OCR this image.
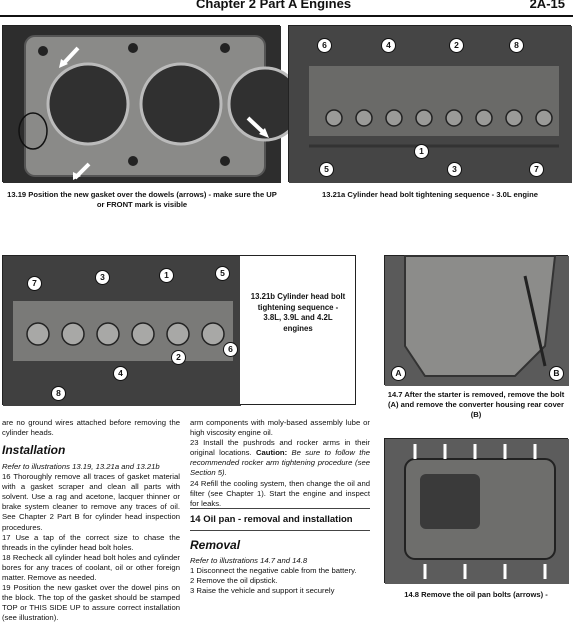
Chapter 2 Part A Engines	2A-15
13.19 Position the new gasket over the dowels (arrows) - make sure the UP or FRONT mark is visible
6	4	2	8
1
5	3	7
13.21a Cylinder head bolt tightening sequence - 3.0L engine
7
3	1	5
4
2
6
8
13.21b Cylinder head bolt tightening sequence - 3.8L, 3.9L and 4.2L engines
A	B
14.7 After the starter is removed, remove the bolt (A) and remove the converter housing rear cover (B)
14.8 Remove the oil pan bolts (arrows) -

are no ground wires attached before removing the cylinder heads.

Installation

Refer to illustrations 13.19, 13.21a and 13.21b

16 Thoroughly remove all traces of gasket material with a gasket scraper and clean all parts with solvent. Use a rag and acetone, lacquer thinner or brake system cleaner to remove any traces of oil. See Chapter 2 Part B for cylinder head inspection procedures.

17 Use a tap of the correct size to chase the threads in the cylinder head bolt holes.

18 Recheck all cylinder head bolt holes and cylinder bores for any traces of coolant, oil or other foreign matter. Remove as needed.

19 Position the new gasket over the dowel pins on the block. The top of the gasket should be stamped TOP or THIS SIDE UP to assure correct installation (see illustration).

arm components with moly-based assembly lube or high viscosity engine oil.

23 Install the pushrods and rocker arms in their original locations. Caution: Be sure to follow the recommended rocker arm tightening procedure (see Section 5).

24 Refill the cooling system, then change the oil and filter (see Chapter 1). Start the engine and inspect for leaks.

14 Oil pan - removal and installation
Removal

Refer to illustrations 14.7 and 14.8

1 Disconnect the negative cable from the battery.

2 Remove the oil dipstick.

3 Raise the vehicle and support it securely
